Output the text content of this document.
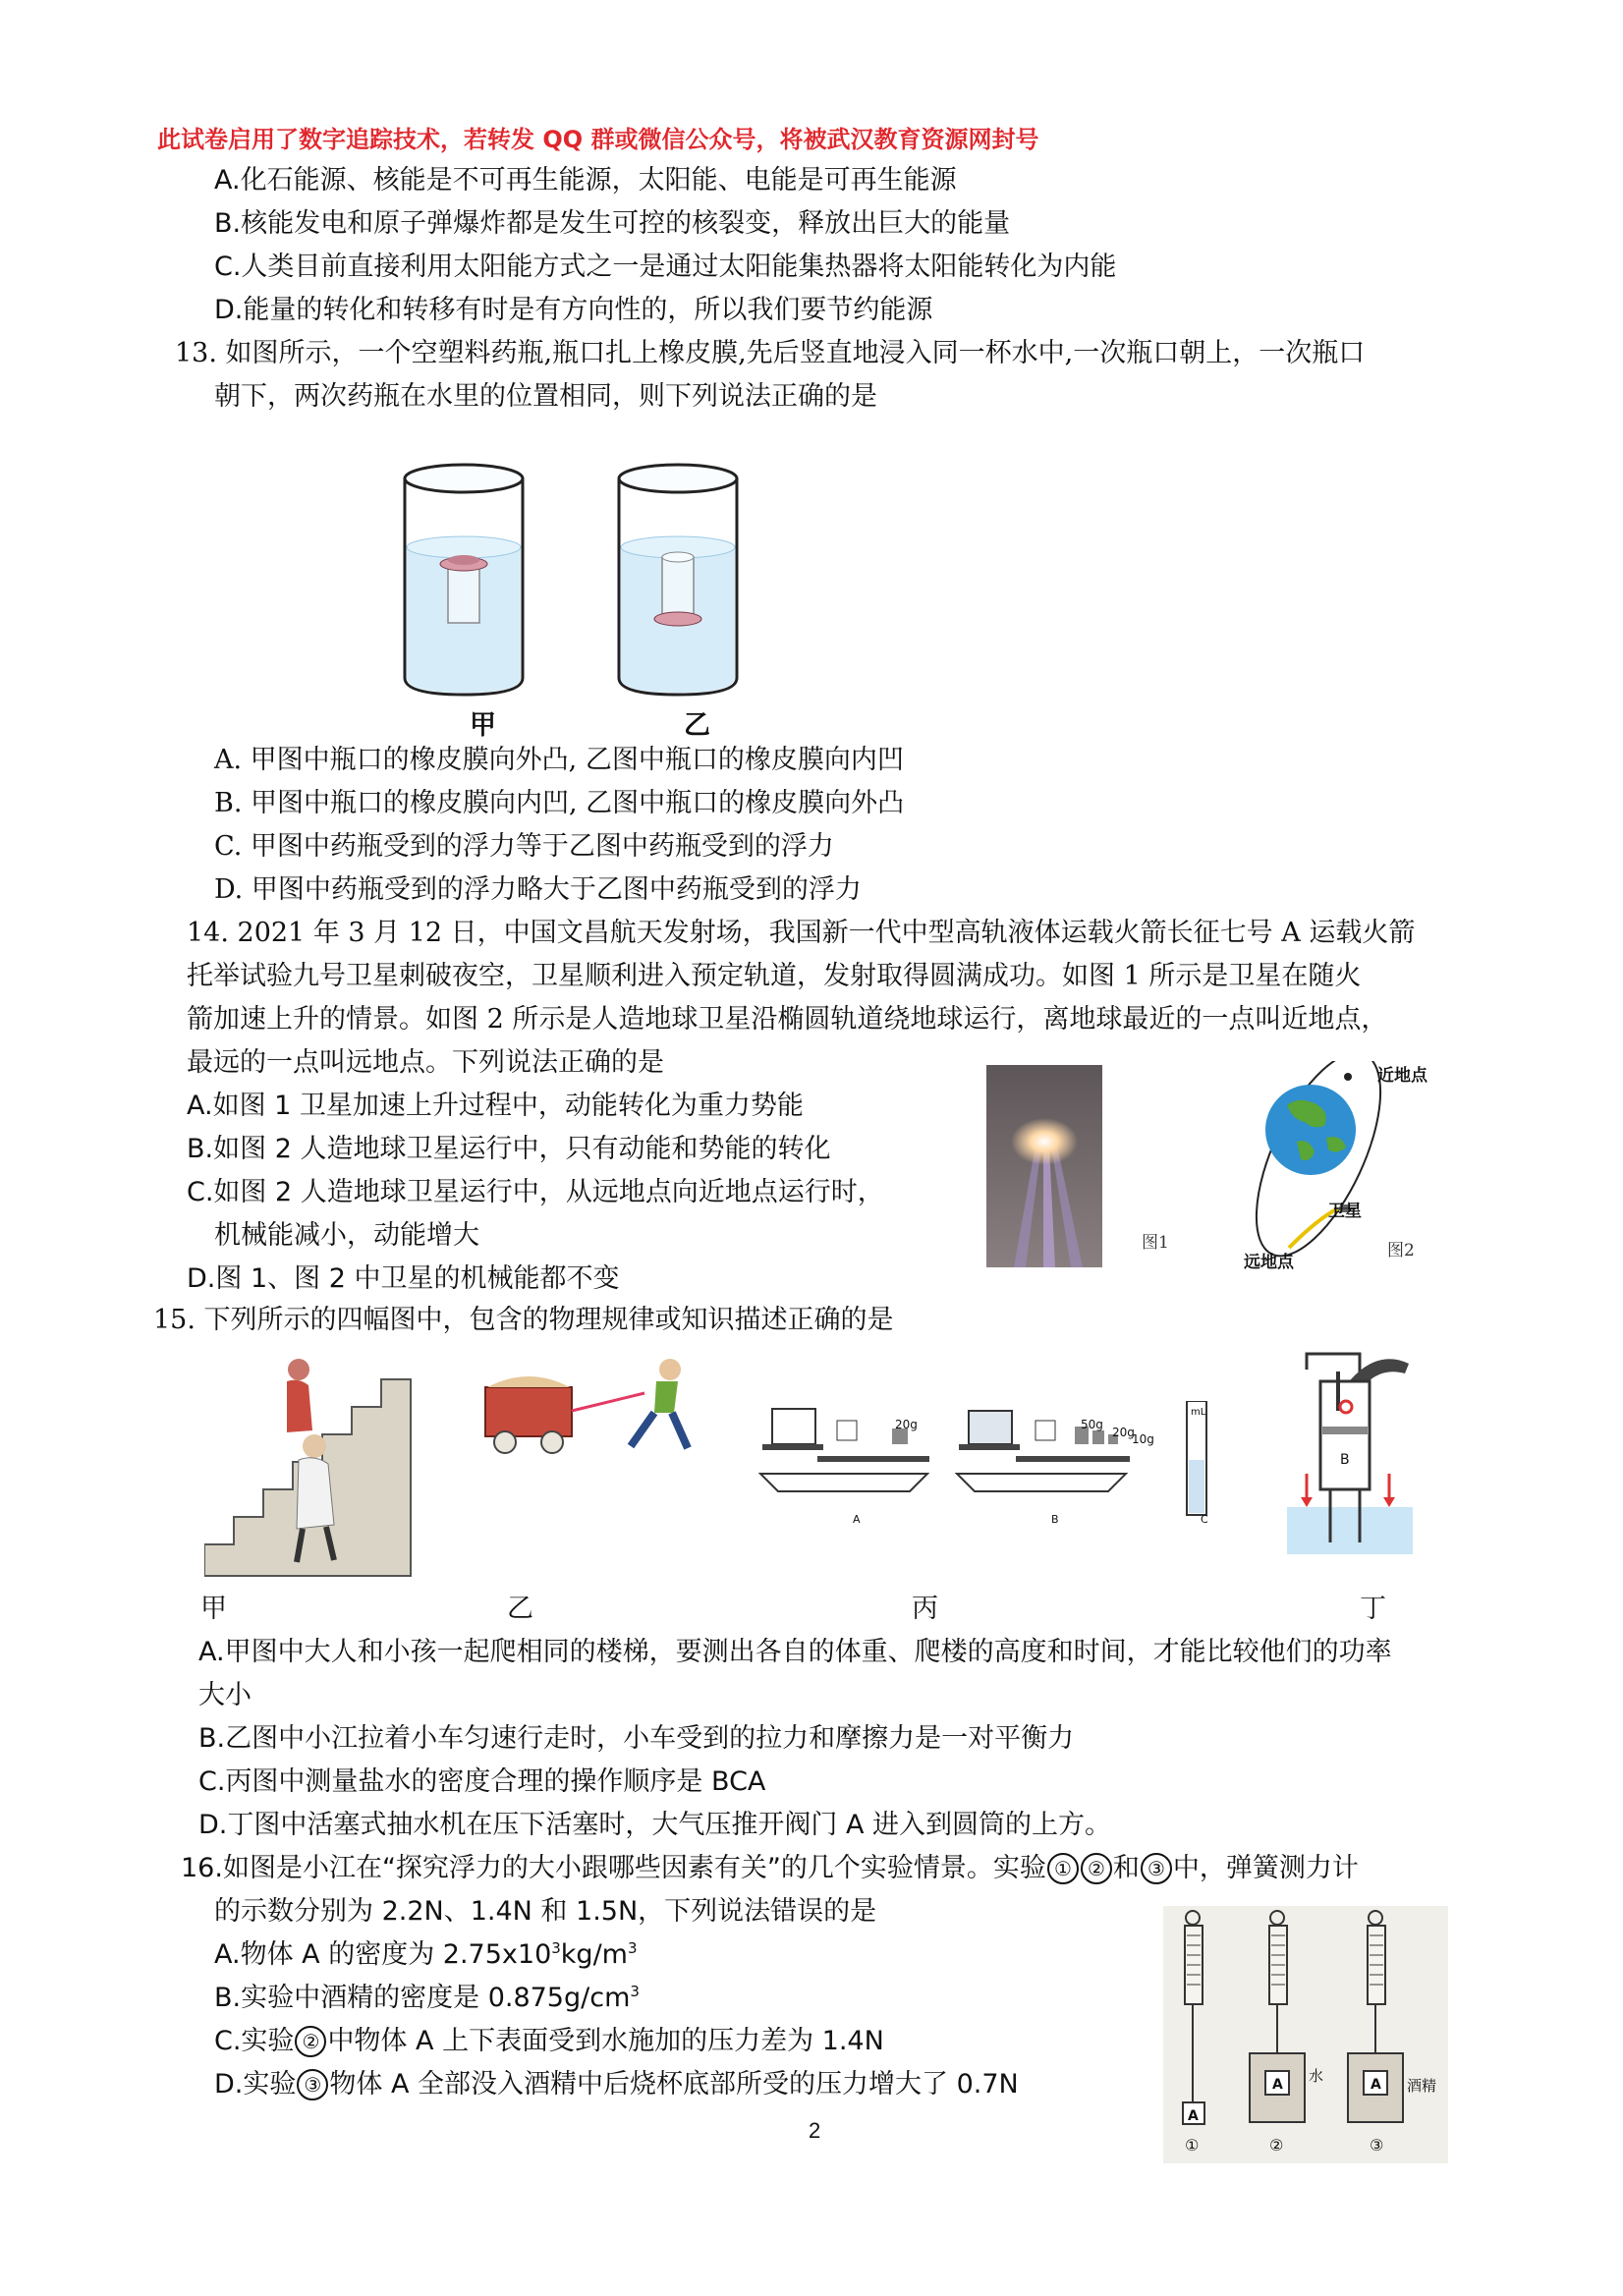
此试卷启用了数字追踪技术，若转发 QQ 群或微信公众号，将被武汉教育资源网封号
A.化石能源、核能是不可再生能源，太阳能、电能是可再生能源
B.核能发电和原子弹爆炸都是发生可控的核裂变，释放出巨大的能量
C.人类目前直接利用太阳能方式之一是通过太阳能集热器将太阳能转化为内能
D.能量的转化和转移有时是有方向性的，所以我们要节约能源
13. 如图所示，一个空塑料药瓶,瓶口扎上橡皮膜,先后竖直地浸入同一杯水中,一次瓶口朝上，一次瓶口
朝下，两次药瓶在水里的位置相同，则下列说法正确的是
甲	乙
A. 甲图中瓶口的橡皮膜向外凸, 乙图中瓶口的橡皮膜向内凹
B. 甲图中瓶口的橡皮膜向内凹, 乙图中瓶口的橡皮膜向外凸
C. 甲图中药瓶受到的浮力等于乙图中药瓶受到的浮力
D. 甲图中药瓶受到的浮力略大于乙图中药瓶受到的浮力
14. 2021 年 3 月 12 日，中国文昌航天发射场，我国新一代中型高轨液体运载火箭长征七号 A 运载火箭
托举试验九号卫星刺破夜空，卫星顺利进入预定轨道，发射取得圆满成功。如图 1 所示是卫星在随火
箭加速上升的情景。如图 2 所示是人造地球卫星沿椭圆轨道绕地球运行，离地球最近的一点叫近地点，
最远的一点叫远地点。下列说法正确的是
A.如图 1 卫星加速上升过程中，动能转化为重力势能
B.如图 2 人造地球卫星运行中，只有动能和势能的转化
C.如图 2 人造地球卫星运行中，从远地点向近地点运行时，
机械能减小，动能增大
D.图 1、图 2 中卫星的机械能都不变
图1
近地点
卫星
远地点
图2
15. 下列所示的四幅图中，包含的物理规律或知识描述正确的是
20g	50g
20g
10g
mL
A	B	C
B
甲	乙	丙	丁
A.甲图中大人和小孩一起爬相同的楼梯，要测出各自的体重、爬楼的高度和时间，才能比较他们的功率
大小
B.乙图中小江拉着小车匀速行走时，小车受到的拉力和摩擦力是一对平衡力
C.丙图中测量盐水的密度合理的操作顺序是 BCA
D.丁图中活塞式抽水机在压下活塞时，大气压推开阀门 A 进入到圆筒的上方。
16.如图是小江在“探究浮力的大小跟哪些因素有关”的几个实验情景。实验 ① ② 和 ③ 中，弹簧测力计
的示数分别为 2.2N、1.4N 和 1.5N，下列说法错误的是
A.物体 A 的密度为 $2.75x10^3kg/m^3$
B.实验中酒精的密度是 $0.875g/cm^3$
C.实验 ② 中物体 A 上下表面受到水施加的压力差为 1.4N
D.实验 ③ 物体 A 全部没入酒精中后烧杯底部所受的压力增大了 0.7N
A
A	A
水
酒精
①	②	③
2
